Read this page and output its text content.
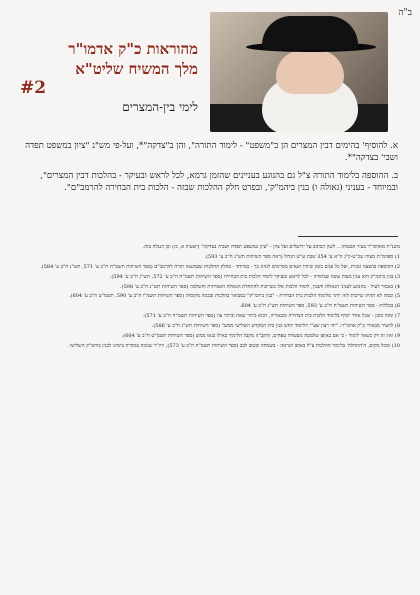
ב"ה
מהוראות כ"ק אדמו"ר
מלך המשיח שליט"א
#2
לימי בין-המצרים

א. להוסיף' בהימים דבין המצרים הן ב"משפט" - לימוד התורה", והן ב"צדקה"*, ועל-פי מש"נ "ציון במשפט תפדה ושבי' בצדקה"*.

ב. ההוספה בלימוד התורה צ"ל גם בהנוגע בעניינים שהזמן גרמא, לכל לראש ובעיקר - בהלכות דבין המצרים", ובמיוחד - בעניני (גאולה ו) בנין ביהמ"ק', ובפרט חלק ההלכות שבזה - הלכות בית הבחירה להרמב"ם".

משנ"ת מאדמו"ר בעיר הבטוחו... לשון הכתוב על ירושלים ועל ציון - "ציון במשפט תפדה ושביה בצדקה" (ישעיה א, כז) וכן הנגלה בזה.

1) ספהמ"ת מצוה שכ"ט-ק"ג ח"א ע' 354 שבת ע"ש הגדול (ראה ספר השיחות תש"נ ח"ב ע' 593).

2) ההוספה בהצעה זמנית, ועל כל פנים בזמן שיהיו תנאים מסוימים לנהוג כך - במיוחד - בחלק ההלכות שבמשנה תורה להרמב"ם (ספר השיחות תשמ"ח ח"ב ע' 571, תש"נ ח"ב ע' 584).

3) בנין ביהמ"ק הוא ענין מצות עשה שבתורה - לכל לראש ובעיקר לימוד הלכות בית הבחירה (ספר השיחות תשמ"ח ח"ב ע' 572, תש"נ ח"ב ע' 594).

4) כאמור לעיל - בהנוגע לעניני הגאולה והבנין, לימוד הלכות אלו בשייכות להתחלת הגאולה האמיתית והשלמה (ספר השיחות תש"נ ח"ב ע' 598).

5) וכמה לא תהיה שייכות לזה יותר מלימוד הלכות בית הבחירה - "בנין ביהמ"ק" כמבואר בהלכות ובכמה מקומות (ספר השיחות תשמ"ו ח"ב ע' 590, תשמ"ט ח"ב ע' 604).

6) בכללות - ספר השיחות תשמ"ח ח"ב ע' 593, ספר השיחות תש"נ ח"ב ע' 604.

7) ומזה מובן - שכל אחד יוסיף בלימוד הלכות בית הבחירה ומבאריה, ויבוא ביתר שאת וביתר עוז (ספר השיחות תשמ"ח ח"ב ע' 571).

8) להעיר מבאורי כ"ק אדמו"ר: "יהי רצון שע"י הלימוד יוחש בנין בית המקדש השלישי ממש" (ספר השיחות תש"נ ח"ב ע' 586).

9) ואין זה רק כשאר לימוד - כי אם באופן שלמטה מעשרה טפחים, והקב"ה מקבל הלימוד כאילו בנאו ממש (ספר השיחות תשמ"ט ח"ב ע' 604).

10) ומכל מקום, ה'התחלה' בלימוד ההלכות צ"ל באופן הנראה - בשמחה ובטוב לבב (ספר השיחות תשמ"ח ח"ב ע' 573), ויה"ר שנזכה במהרה בימינו לבנין ביהמ"ק השלישי.
